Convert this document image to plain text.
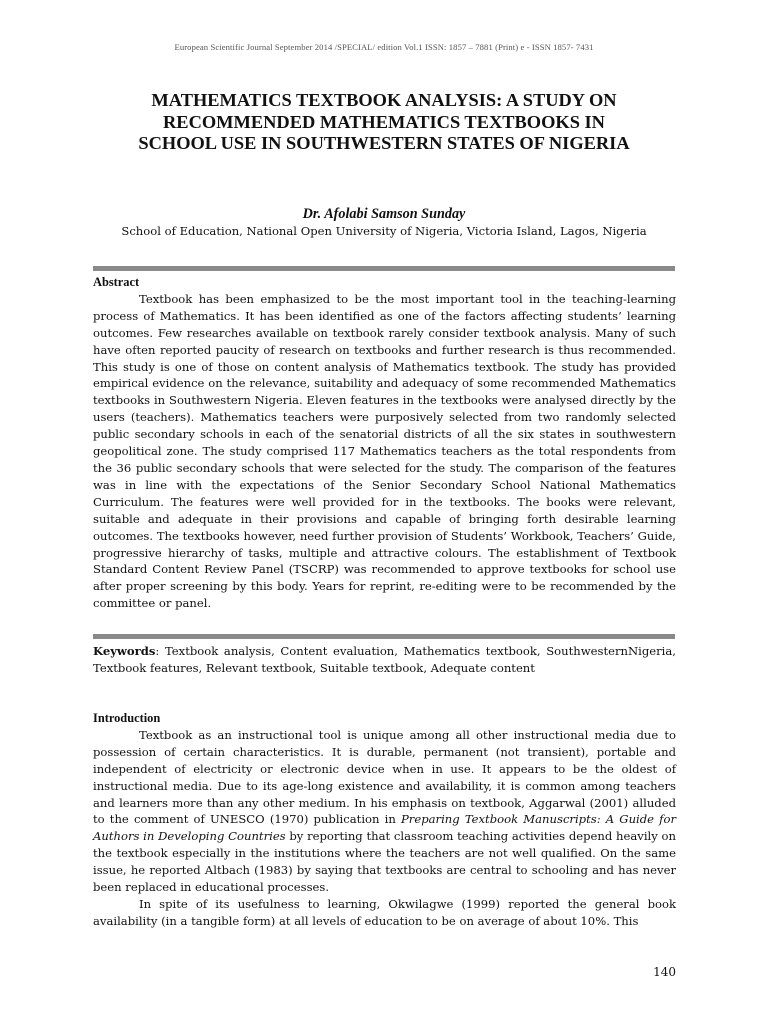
European Scientific Journal September 2014 /SPECIAL/ edition Vol.1 ISSN: 1857 – 7881 (Print) e - ISSN 1857- 7431
MATHEMATICS TEXTBOOK ANALYSIS: A STUDY ON
RECOMMENDED MATHEMATICS TEXTBOOKS IN
SCHOOL USE IN SOUTHWESTERN STATES OF NIGERIA
Dr. Afolabi Samson Sunday
School of Education, National Open University of Nigeria, Victoria Island, Lagos, Nigeria
Abstract

Textbook has been emphasized to be the most important tool in the teaching-learning process of Mathematics. It has been identified as one of the factors affecting students’ learning outcomes. Few researches available on textbook rarely consider textbook analysis. Many of such have often reported paucity of research on textbooks and further research is thus recommended. This study is one of those on content analysis of Mathematics textbook. The study has provided empirical evidence on the relevance, suitability and adequacy of some recommended Mathematics textbooks in Southwestern Nigeria. Eleven features in the textbooks were analysed directly by the users (teachers). Mathematics teachers were purposively selected from two randomly selected public secondary schools in each of the senatorial districts of all the six states in southwestern geopolitical zone. The study comprised 117 Mathematics teachers as the total respondents from the 36 public secondary schools that were selected for the study. The comparison of the features was in line with the expectations of the Senior Secondary School National Mathematics Curriculum. The features were well provided for in the textbooks. The books were relevant, suitable and adequate in their provisions and capable of bringing forth desirable learning outcomes. The textbooks however, need further provision of Students’ Workbook, Teachers’ Guide, progressive hierarchy of tasks, multiple and attractive colours. The establishment of Textbook Standard Content Review Panel (TSCRP) was recommended to approve textbooks for school use after proper screening by this body. Years for reprint, re-editing were to be recommended by the committee or panel.

Keywords: Textbook analysis, Content evaluation, Mathematics textbook, SouthwesternNigeria, Textbook features, Relevant textbook, Suitable textbook, Adequate content
Introduction

Textbook as an instructional tool is unique among all other instructional media due to possession of certain characteristics. It is durable, permanent (not transient), portable and independent of electricity or electronic device when in use. It appears to be the oldest of instructional media. Due to its age-long existence and availability, it is common among teachers and learners more than any other medium. In his emphasis on textbook, Aggarwal (2001) alluded to the comment of UNESCO (1970) publication in Preparing Textbook Manuscripts: A Guide for Authors in Developing Countries by reporting that classroom teaching activities depend heavily on the textbook especially in the institutions where the teachers are not well qualified. On the same issue, he reported Altbach (1983) by saying that textbooks are central to schooling and has never been replaced in educational processes.

In spite of its usefulness to learning, Okwilagwe (1999) reported the general book availability (in a tangible form) at all levels of education to be on average of about 10%. This

140
